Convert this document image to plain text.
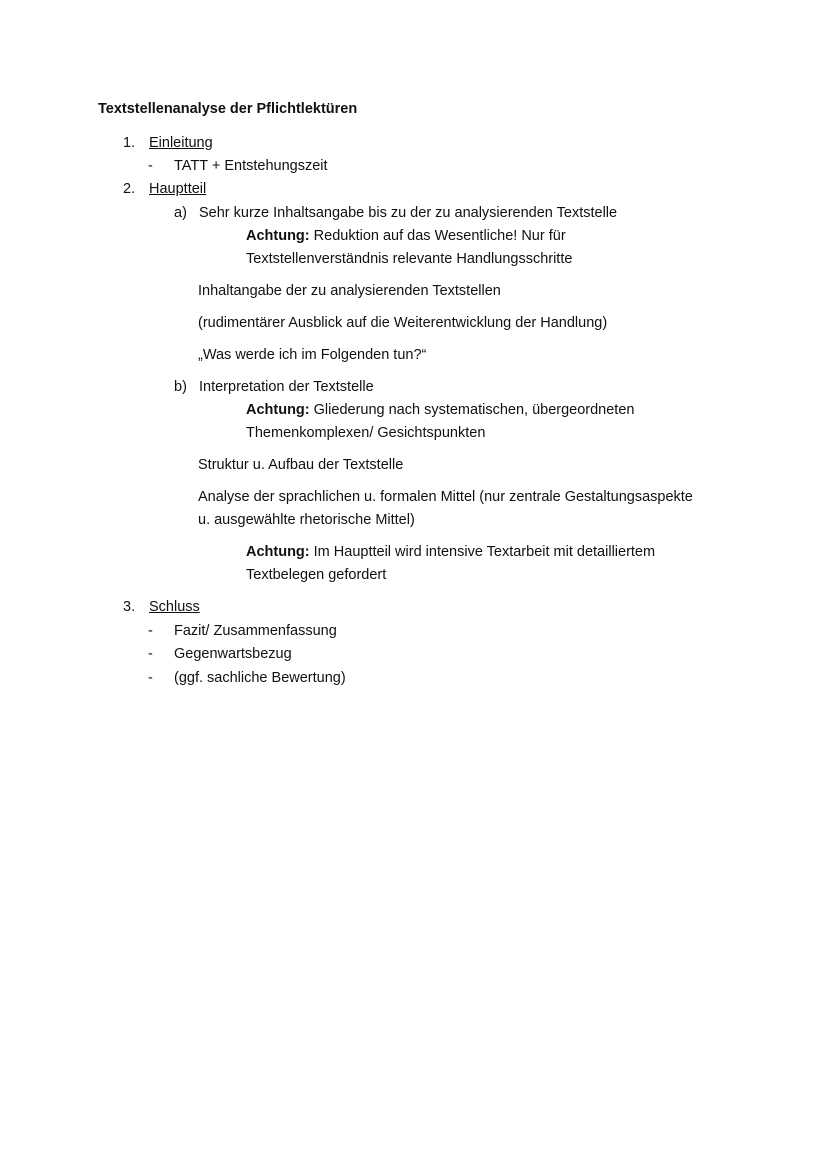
Textstellenanalyse der Pflichtlektüren
1. Einleitung
- TATT + Entstehungszeit
2. Hauptteil
a) Sehr kurze Inhaltsangabe bis zu der zu analysierenden Textstelle
Achtung: Reduktion auf das Wesentliche! Nur für
Textstellenverständnis relevante Handlungsschritte
Inhaltangabe der zu analysierenden Textstellen
(rudimentärer Ausblick auf die Weiterentwicklung der Handlung)
„Was werde ich im Folgenden tun?“
b) Interpretation der Textstelle
Achtung: Gliederung nach systematischen, übergeordneten
Themenkomplexen/ Gesichtspunkten
Struktur u. Aufbau der Textstelle
Analyse der sprachlichen u. formalen Mittel (nur zentrale Gestaltungsaspekte
u. ausgewählte rhetorische Mittel)
Achtung: Im Hauptteil wird intensive Textarbeit mit detailliertem
Textbelegen gefordert
3. Schluss
- Fazit/ Zusammenfassung
- Gegenwartsbezug
- (ggf. sachliche Bewertung)
